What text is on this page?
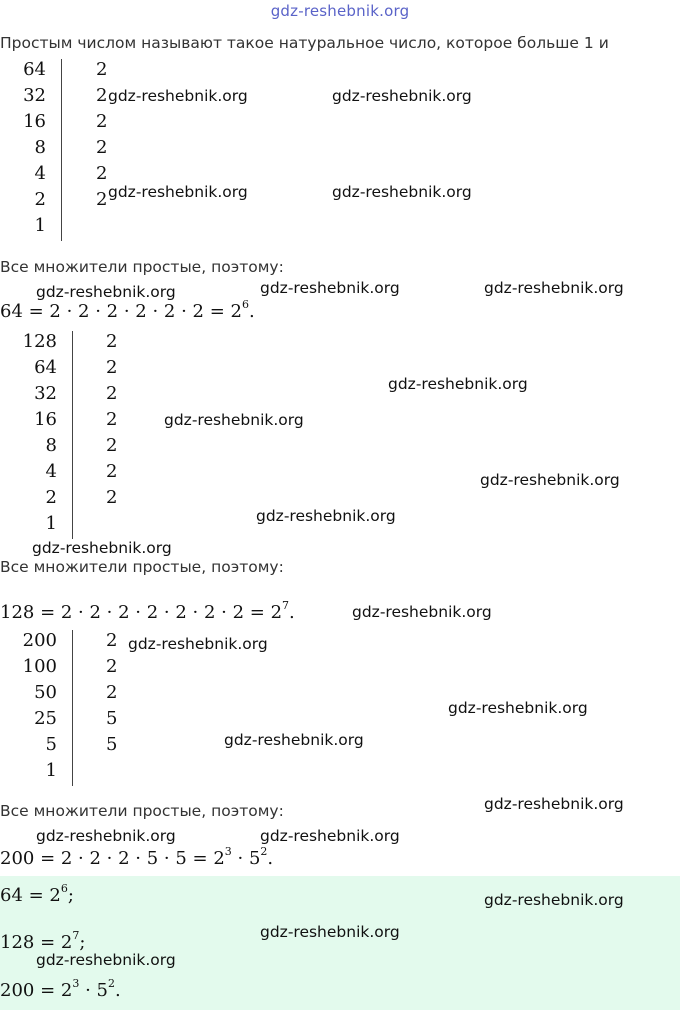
gdz-reshebnik.org
Простым числом называют такое натуральное число, которое больше 1 и
64	2
32	2
16	2
8	2
4	2
2	2
1
Все множители простые, поэтому:
$64 = 2 \cdot 2 \cdot 2 \cdot 2 \cdot 2 \cdot 2 = 2^6$.
128	2
64	2
32	2
16	2
8	2
4	2
2	2
1
Все множители простые, поэтому:
$128 = 2 \cdot 2 \cdot 2 \cdot 2 \cdot 2 \cdot 2 \cdot 2 = 2^7$.
200	2
100	2
50	2
25	5
5	5
1
Все множители простые, поэтому:
$200 = 2 \cdot 2 \cdot 2 \cdot 5 \cdot 5 = 2^3 \cdot 5^2$.
$64 = 2^6$;
$128 = 2^7$;
$200 = 2^3 \cdot 5^2$.
gdz-reshebnik.org	gdz-reshebnik.org
gdz-reshebnik.org	gdz-reshebnik.org
gdz-reshebnik.org	gdz-reshebnik.org	gdz-reshebnik.org
gdz-reshebnik.org
gdz-reshebnik.org
gdz-reshebnik.org
gdz-reshebnik.org
gdz-reshebnik.org
gdz-reshebnik.org
gdz-reshebnik.org
gdz-reshebnik.org
gdz-reshebnik.org
gdz-reshebnik.org
gdz-reshebnik.org	gdz-reshebnik.org
gdz-reshebnik.org
gdz-reshebnik.org
gdz-reshebnik.org
